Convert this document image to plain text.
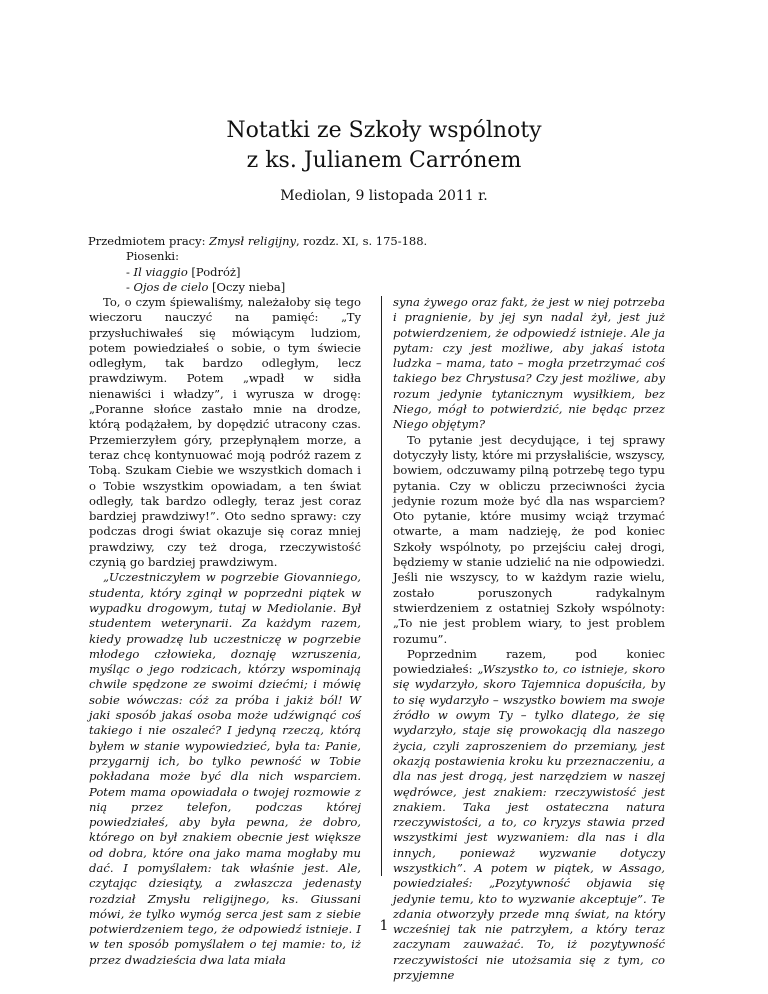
Notatki ze Szkoły wspólnoty
z ks. Julianem Carrónem

Mediolan, 9 listopada 2011 r.

Przedmiotem pracy: Zmysł religijny, rozdz. XI, s. 175-188.

Piosenki:

- Il viaggio [Podróż]

- Ojos de cielo [Oczy nieba]

To, o czym śpiewaliśmy, należałoby się tego wieczoru nauczyć na pamięć: „Ty przysłuchiwałeś się mówiącym ludziom, potem powiedziałeś o sobie, o tym świecie odległym, tak bardzo odległym, lecz prawdziwym. Potem „wpadł w sidła nienawiści i władzy”, i wyrusza w drogę: „Poranne słońce zastało mnie na drodze, którą podążałem, by dopędzić utracony czas. Przemierzyłem góry, przepłynąłem morze, a teraz chcę kontynuować moją podróż razem z Tobą. Szukam Ciebie we wszystkich domach i o Tobie wszystkim opowiadam, a ten świat odległy, tak bardzo odległy, teraz jest coraz bardziej prawdziwy!”. Oto sedno sprawy: czy podczas drogi świat okazuje się coraz mniej prawdziwy, czy też droga, rzeczywistość czynią go bardziej prawdziwym.

„Uczestniczyłem w pogrzebie Giovanniego, studenta, który zginął w poprzedni piątek w wypadku drogowym, tutaj w Mediolanie. Był studentem weterynarii. Za każdym razem, kiedy prowadzę lub uczestniczę w pogrzebie młodego człowieka, doznaję wzruszenia, myśląc o jego rodzicach, którzy wspominają chwile spędzone ze swoimi dziećmi; i mówię sobie wówczas: cóż za próba i jakiż ból! W jaki sposób jakaś osoba może udźwignąć coś takiego i nie oszaleć? I jedyną rzeczą, którą byłem w stanie wypowiedzieć, była ta: Panie, przygarnij ich, bo tylko pewność w Tobie pokładana może być dla nich wsparciem. Potem mama opowiadała o twojej rozmowie z nią przez telefon, podczas której powiedziałeś, aby była pewna, że dobro, którego on był znakiem obecnie jest większe od dobra, które ona jako mama mogłaby mu dać. I pomyślałem: tak właśnie jest. Ale, czytając dziesiąty, a zwłaszcza jedenasty rozdział Zmysłu religijnego, ks. Giussani mówi, że tylko wymóg serca jest sam z siebie potwierdzeniem tego, że odpowiedź istnieje. I w ten sposób pomyślałem o tej mamie: to, iż przez dwadzieścia dwa lata miała

syna żywego oraz fakt, że jest w niej potrzeba i pragnienie, by jej syn nadal żył, jest już potwierdzeniem, że odpowiedź istnieje. Ale ja pytam: czy jest możliwe, aby jakaś istota ludzka – mama, tato – mogła przetrzymać coś takiego bez Chrystusa? Czy jest możliwe, aby rozum jedynie tytanicznym wysiłkiem, bez Niego, mógł to potwierdzić, nie będąc przez Niego objętym?

To pytanie jest decydujące, i tej sprawy dotyczyły listy, które mi przysłaliście, wszyscy, bowiem, odczuwamy pilną potrzebę tego typu pytania. Czy w obliczu przeciwności życia jedynie rozum może być dla nas wsparciem? Oto pytanie, które musimy wciąż trzymać otwarte, a mam nadzieję, że pod koniec Szkoły wspólnoty, po przejściu całej drogi, będziemy w stanie udzielić na nie odpowiedzi. Jeśli nie wszyscy, to w każdym razie wielu, zostało poruszonych radykalnym stwierdzeniem z ostatniej Szkoły wspólnoty: „To nie jest problem wiary, to jest problem rozumu”.

Poprzednim razem, pod koniec powiedziałeś: „Wszystko to, co istnieje, skoro się wydarzyło, skoro Tajemnica dopuściła, by to się wydarzyło – wszystko bowiem ma swoje źródło w owym Ty – tylko dlatego, że się wydarzyło, staje się prowokacją dla naszego życia, czyli zaproszeniem do przemiany, jest okazją postawienia kroku ku przeznaczeniu, a dla nas jest drogą, jest narzędziem w naszej wędrówce, jest znakiem: rzeczywistość jest znakiem. Taka jest ostateczna natura rzeczywistości, a to, co kryzys stawia przed wszystkimi jest wyzwaniem: dla nas i dla innych, ponieważ wyzwanie dotyczy wszystkich”. A potem w piątek, w Assago, powiedziałeś: „Pozytywność objawia się jedynie temu, kto to wyzwanie akceptuje”. Te zdania otworzyły przede mną świat, na który wcześniej tak nie patrzyłem, a który teraz zaczynam zauważać. To, iż pozytywność rzeczywistości nie utożsamia się z tym, co przyjemne

1
